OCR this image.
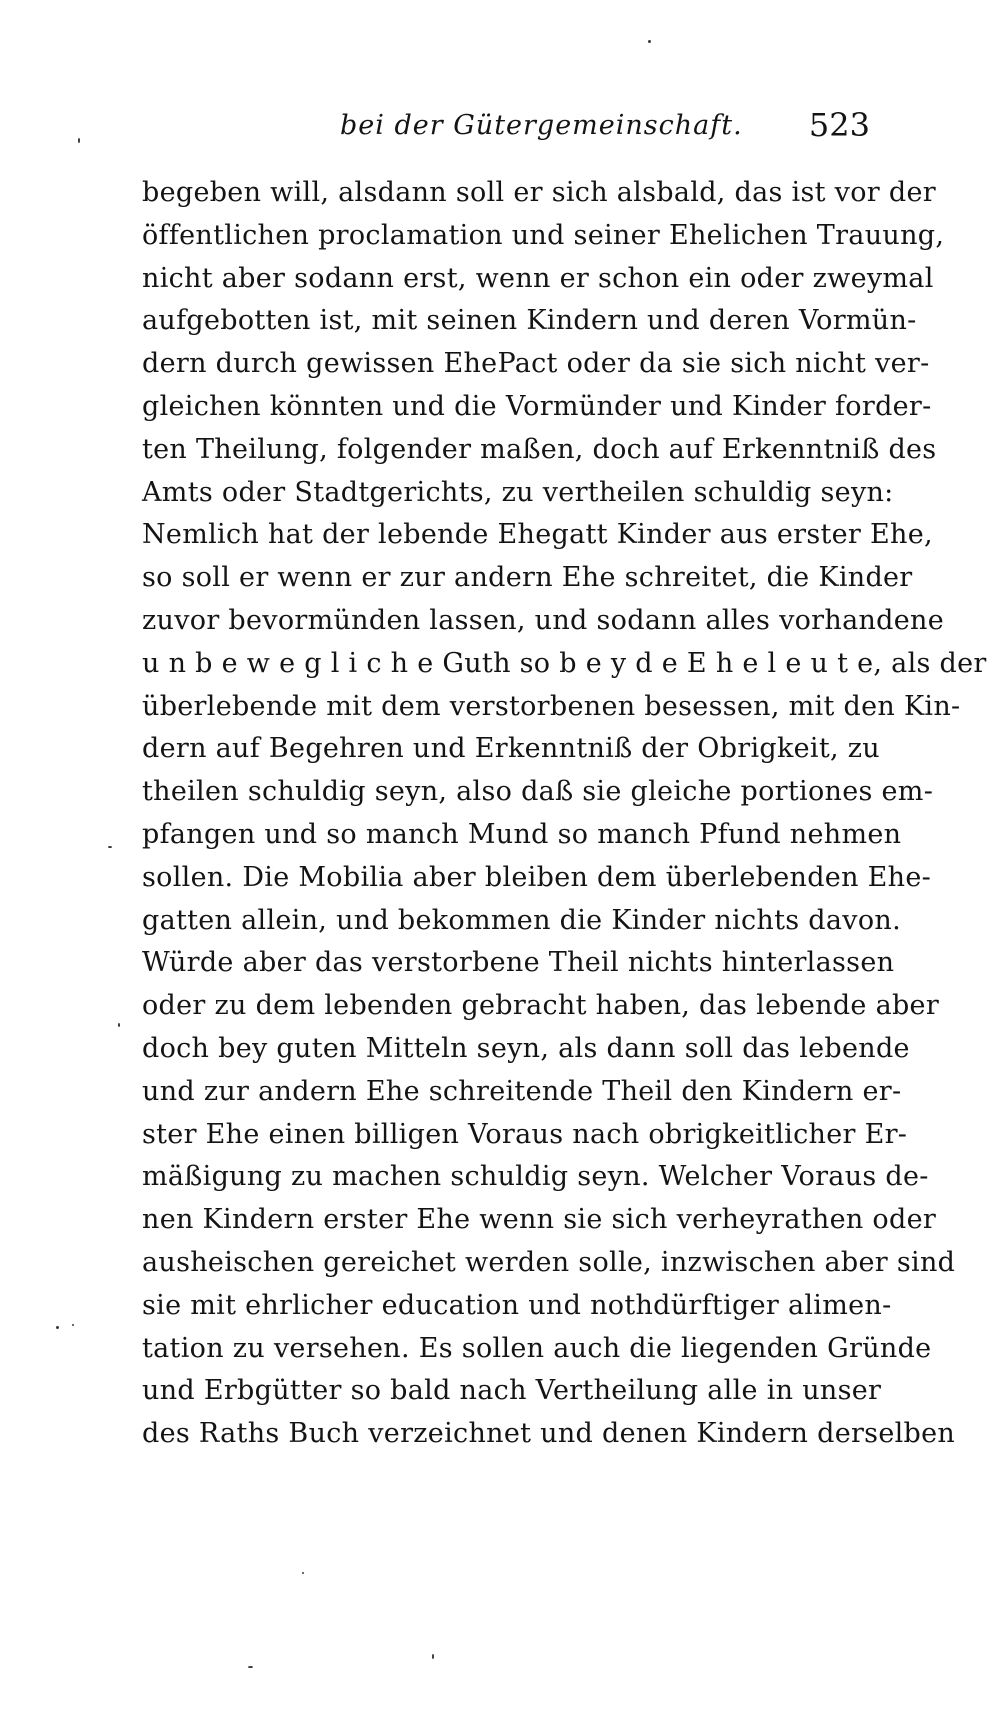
bei der Gütergemeinschaft. 523
begeben will, alsdann soll er sich alsbald, das ist vor der
öffentlichen proclamation und seiner Ehelichen Trauung,
nicht aber sodann erst, wenn er schon ein oder zweymal
aufgebotten ist, mit seinen Kindern und deren Vormün-
dern durch gewissen EhePact oder da sie sich nicht ver-
gleichen könnten und die Vormünder und Kinder forder-
ten Theilung, folgender maßen, doch auf Erkenntniß des
Amts oder Stadtgerichts, zu vertheilen schuldig seyn:
Nemlich hat der lebende Ehegatt Kinder aus erster Ehe,
so soll er wenn er zur andern Ehe schreitet, die Kinder
zuvor bevormünden lassen, und sodann alles vorhandene
u n b e w e g l i c h e Guth so b e y d e E h e l e u t e, als der
überlebende mit dem verstorbenen besessen, mit den Kin-
dern auf Begehren und Erkenntniß der Obrigkeit, zu
theilen schuldig seyn, also daß sie gleiche portiones em-
pfangen und so manch Mund so manch Pfund nehmen
sollen. Die Mobilia aber bleiben dem überlebenden Ehe-
gatten allein, und bekommen die Kinder nichts davon.
Würde aber das verstorbene Theil nichts hinterlassen
oder zu dem lebenden gebracht haben, das lebende aber
doch bey guten Mitteln seyn, als dann soll das lebende
und zur andern Ehe schreitende Theil den Kindern er-
ster Ehe einen billigen Voraus nach obrigkeitlicher Er-
mäßigung zu machen schuldig seyn. Welcher Voraus de-
nen Kindern erster Ehe wenn sie sich verheyrathen oder
ausheischen gereichet werden solle, inzwischen aber sind
sie mit ehrlicher education und nothdürftiger alimen-
tation zu versehen. Es sollen auch die liegenden Gründe
und Erbgütter so bald nach Vertheilung alle in unser
des Raths Buch verzeichnet und denen Kindern derselben
